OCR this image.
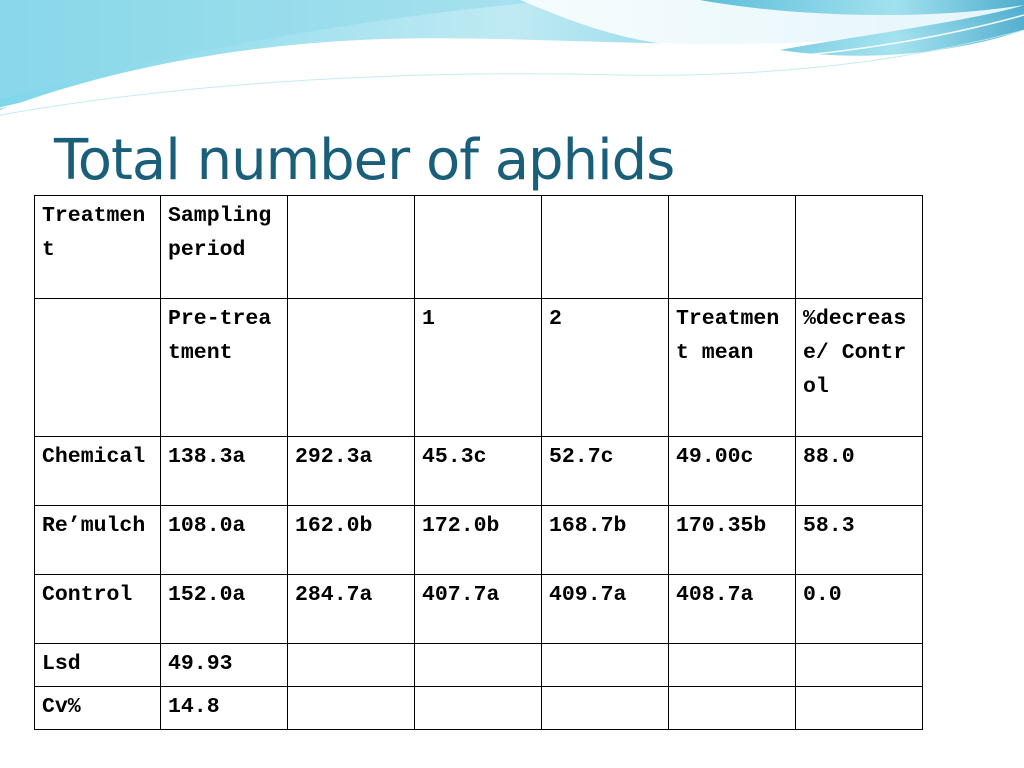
Total number of aphids
Treatment	Sampling period					
	Pre-treatment		1	2	Treatment mean	%decrease/ Control
Chemical	138.3a	292.3a	45.3c	52.7c	49.00c	88.0
Re’mulch	108.0a	162.0b	172.0b	168.7b	170.35b	58.3
Control	152.0a	284.7a	407.7a	409.7a	408.7a	0.0
Lsd	49.93					
Cv%	14.8					
